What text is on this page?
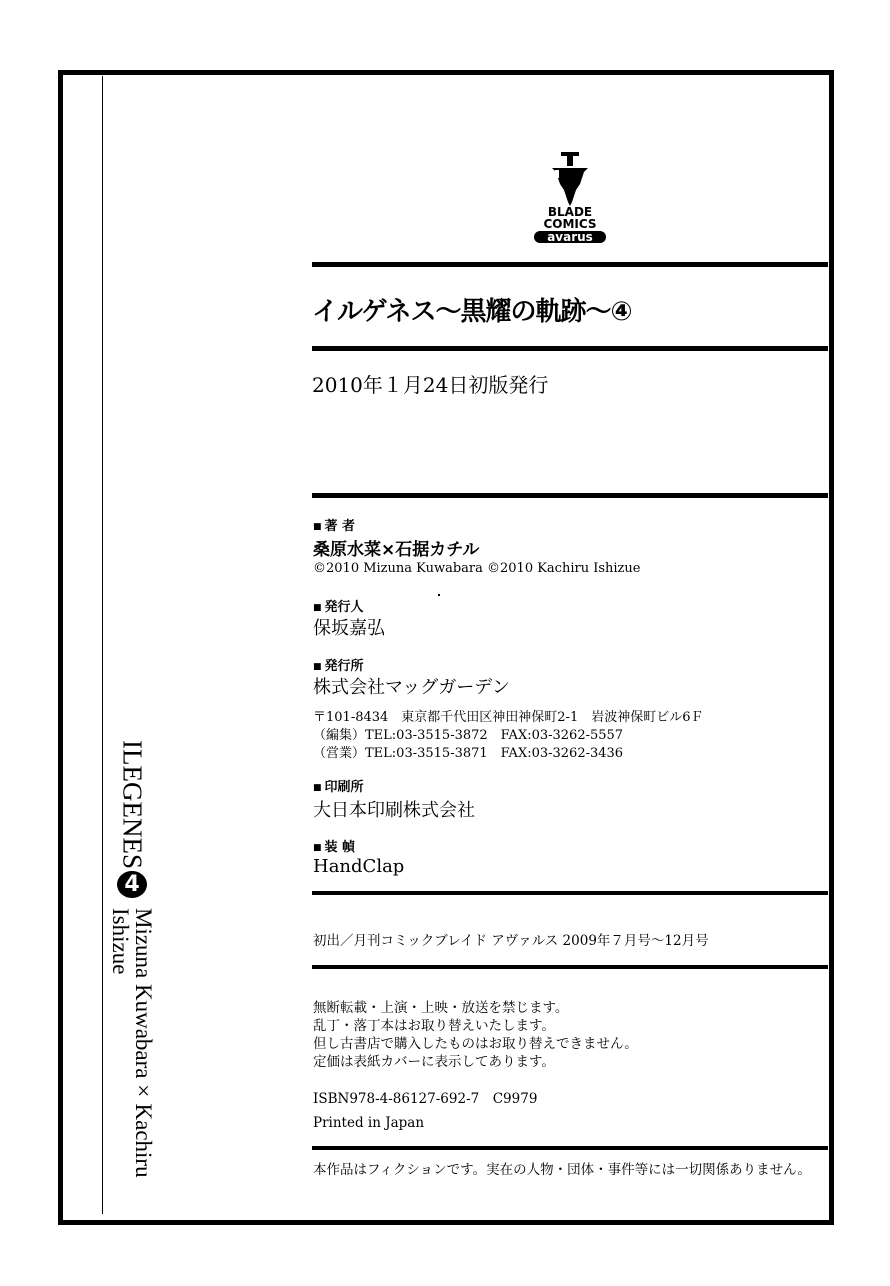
ILEGENES
4
Mizuna Kuwabara×Kachiru Ishizue
BLADE
COMICS
avarus
イルゲネス～黒耀の軌跡～④
2010年１月24日初版発行
■ 著 者
桑原水菜×石据カチル
©2010 Mizuna Kuwabara ©2010 Kachiru Ishizue
■ 発行人
保坂嘉弘
■ 発行所
株式会社マッグガーデン
〒101-8434　東京都千代田区神田神保町2-1　岩波神保町ビル6Ｆ
（編集）TEL:03-3515-3872　FAX:03-3262-5557
（営業）TEL:03-3515-3871　FAX:03-3262-3436
■ 印刷所
大日本印刷株式会社
■ 装 幀
HandClap
初出／月刊コミックブレイド アヴァルス 2009年７月号～12月号
無断転載・上演・上映・放送を禁じます。
乱丁・落丁本はお取り替えいたします。
但し古書店で購入したものはお取り替えできません。
定価は表紙カバーに表示してあります。
ISBN978-4-86127-692-7　C9979
Printed in Japan
本作品はフィクションです。実在の人物・団体・事件等には一切関係ありません。
